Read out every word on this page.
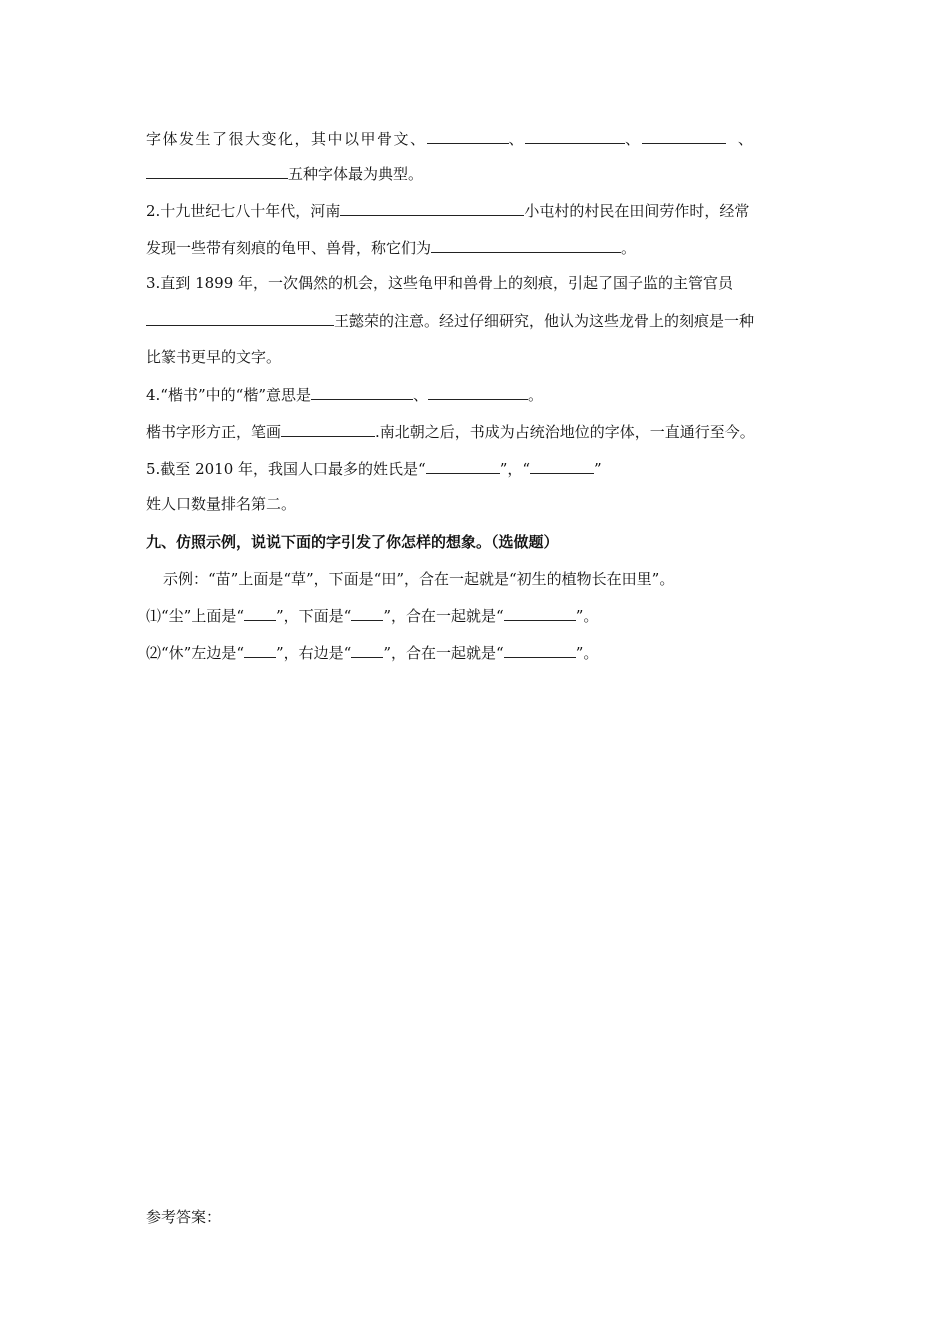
字体发生了很大变化，其中以甲骨文、	、	、	、
五种字体最为典型。
2.十九世纪七八十年代，河南	小屯村的村民在田间劳作时，经常
发现一些带有刻痕的龟甲、兽骨，称它们为	。
3.直到 1899 年，一次偶然的机会，这些龟甲和兽骨上的刻痕，引起了国子监的主管官员
王懿荣的注意。经过仔细研究，他认为这些龙骨上的刻痕是一种
比篆书更早的文字。
4.“楷书”中的“楷”意思是	、	。
楷书字形方正，笔画	.南北朝之后，书成为占统治地位的字体，一直通行至今。
5.截至 2010 年，我国人口最多的姓氏是“	”，“	”
姓人口数量排名第二。
九、仿照示例，说说下面的字引发了你怎样的想象。（选做题）
示例：“苗”上面是“草”，下面是“田”，合在一起就是“初生的植物长在田里”。
⑴“尘”上面是“ ”，下面是“ ”，合在一起就是“	”。
⑵“休”左边是“ ”，右边是“ ”，合在一起就是“	”。
参考答案：
